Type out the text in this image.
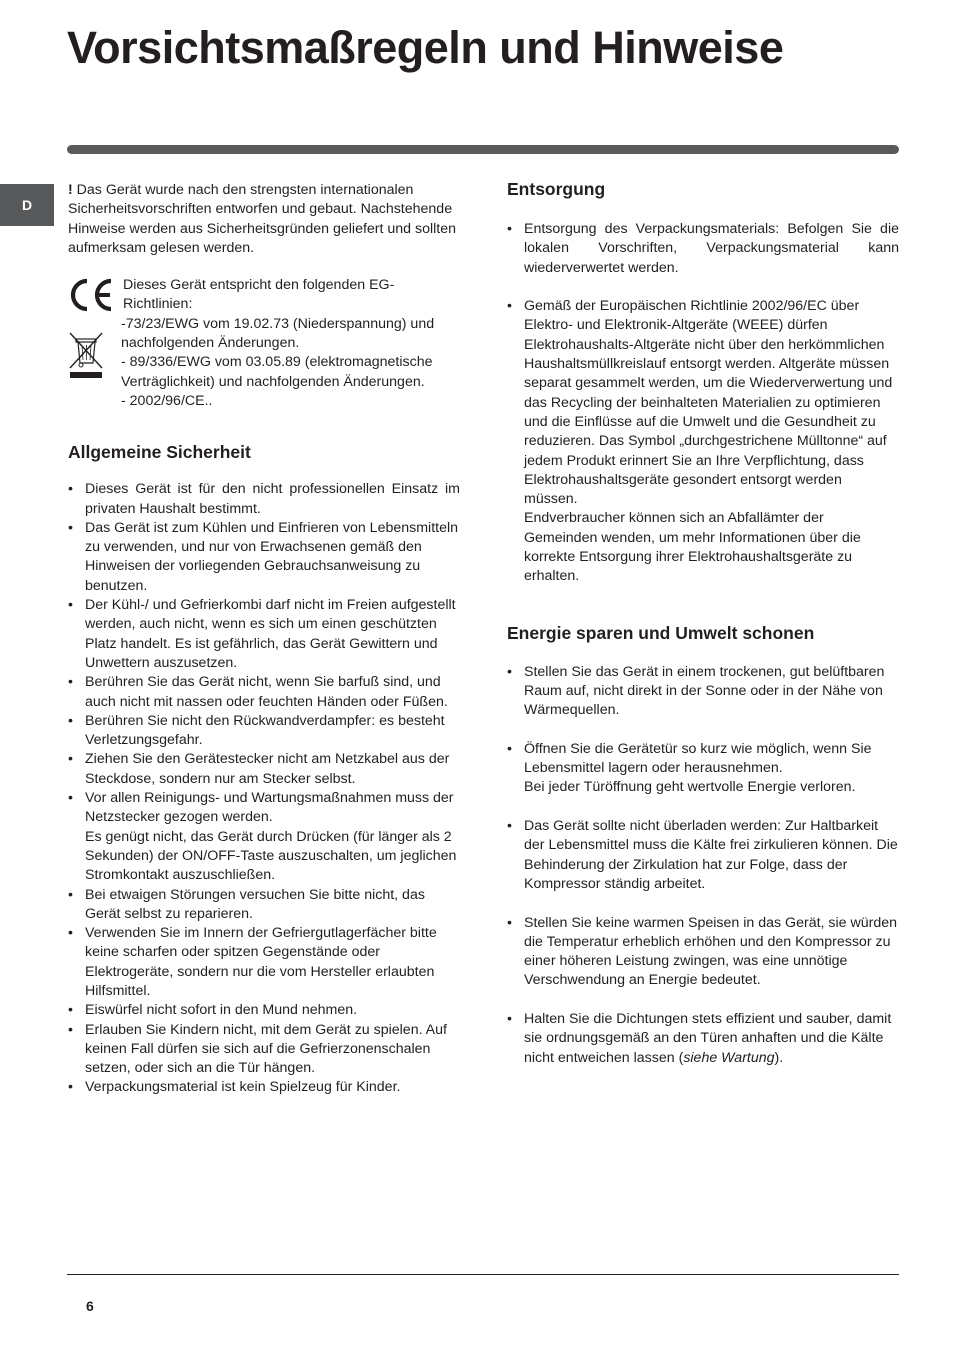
Vorsichtsmaßregeln und Hinweise
D

! Das Gerät wurde nach den strengsten internationalen Sicherheitsvorschriften entworfen und gebaut. Nachstehende Hinweise werden aus Sicherheitsgründen geliefert und sollten aufmerksam gelesen werden.

Dieses Gerät entspricht den folgenden EG-Richtlinien:

-73/23/EWG vom 19.02.73 (Niederspannung) und nachfolgenden Änderungen.

- 89/336/EWG vom 03.05.89 (elektromagnetische Verträglichkeit) und nachfolgenden Änderungen.

- 2002/96/CE..

Allgemeine Sicherheit
• Dieses Gerät ist für den nicht professionellen Einsatz im privaten Haushalt bestimmt.
• Das Gerät ist zum Kühlen und Einfrieren von Lebensmitteln zu verwenden, und nur von Erwachsenen gemäß den Hinweisen der vorliegenden Gebrauchsanweisung zu benutzen.
• Der Kühl-/ und Gefrierkombi darf nicht im Freien aufgestellt werden, auch nicht, wenn es sich um einen geschützten Platz handelt. Es ist gefährlich, das Gerät Gewittern und Unwettern auszusetzen.
• Berühren Sie das Gerät nicht, wenn Sie barfuß sind, und auch nicht mit nassen oder feuchten Händen oder Füßen.
• Berühren Sie nicht den Rückwandverdampfer: es besteht Verletzungsgefahr.
• Ziehen Sie den Gerätestecker nicht am Netzkabel aus der Steckdose, sondern nur am Stecker selbst.
• Vor allen Reinigungs- und Wartungsmaßnahmen muss der Netzstecker gezogen werden.
Es genügt nicht, das Gerät durch Drücken (für länger als 2 Sekunden) der ON/OFF-Taste auszuschalten, um jeglichen Stromkontakt auszuschließen.
• Bei etwaigen Störungen versuchen Sie bitte nicht, das Gerät selbst zu reparieren.
• Verwenden Sie im Innern der Gefriergutlagerfächer bitte keine scharfen oder spitzen Gegenstände oder Elektrogeräte, sondern nur die vom Hersteller erlaubten Hilfsmittel.
• Eiswürfel nicht sofort in den Mund nehmen.
• Erlauben Sie Kindern nicht, mit dem Gerät zu spielen. Auf keinen Fall dürfen sie sich auf die Gefrierzonenschalen setzen, oder sich an die Tür hängen.
• Verpackungsmaterial ist kein Spielzeug für Kinder.
Entsorgung
• Entsorgung des Verpackungsmaterials: Befolgen Sie die lokalen Vorschriften, Verpackungsmaterial kann wiederverwertet werden.
• Gemäß der Europäischen Richtlinie 2002/96/EC über Elektro- und Elektronik-Altgeräte (WEEE) dürfen Elektrohaushalts-Altgeräte nicht über den herkömmlichen Haushaltsmüllkreislauf entsorgt werden. Altgeräte müssen separat gesammelt werden, um die Wiederverwertung und das Recycling der beinhalteten Materialien zu optimieren und die Einflüsse auf die Umwelt und die Gesundheit zu reduzieren. Das Symbol „durchgestrichene Mülltonne“ auf jedem Produkt erinnert Sie an Ihre Verpflichtung, dass Elektrohaushaltsgeräte gesondert entsorgt werden müssen.
Endverbraucher können sich an Abfallämter der Gemeinden wenden, um mehr Informationen über die korrekte Entsorgung ihrer Elektrohaushaltsgeräte zu erhalten.
Energie sparen und Umwelt schonen
• Stellen Sie das Gerät in einem trockenen, gut belüftbaren Raum auf, nicht direkt in der Sonne oder in der Nähe von Wärmequellen.
• Öffnen Sie die Gerätetür so kurz wie möglich, wenn Sie Lebensmittel lagern oder herausnehmen.
Bei jeder Türöffnung geht wertvolle Energie verloren.
• Das Gerät sollte nicht überladen werden: Zur Haltbarkeit der Lebensmittel muss die Kälte frei zirkulieren können. Die Behinderung der Zirkulation hat zur Folge, dass der Kompressor ständig arbeitet.
• Stellen Sie keine warmen Speisen in das Gerät, sie würden die Temperatur erheblich erhöhen und den Kompressor zu einer höheren Leistung zwingen, was eine unnötige Verschwendung an Energie bedeutet.
• Halten Sie die Dichtungen stets effizient und sauber, damit sie ordnungsgemäß an den Türen anhaften und die Kälte nicht entweichen lassen (siehe Wartung).
6
